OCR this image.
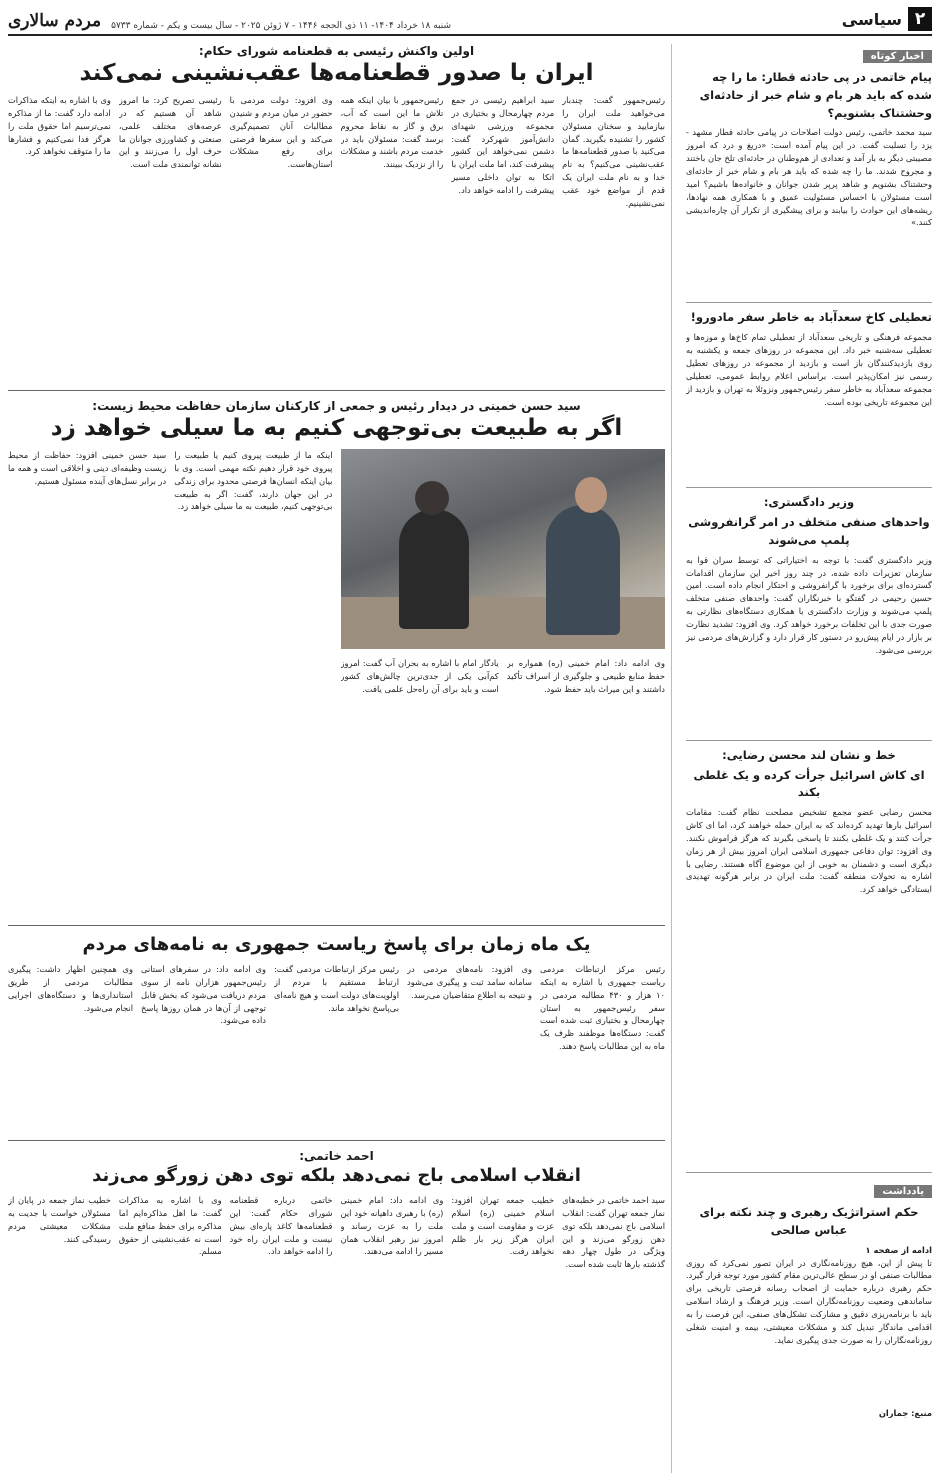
۲
سیاسی
شنبه ۱۸ خرداد ۱۴۰۴- ۱۱ ذی الحجه ۱۴۴۶ - ۷ ژوئن ۲۰۲۵ - سال بیست و یکم - شماره ۵۷۳۳
مردم سالاری
اخبار کوتاه
پیام خاتمی در پی حادثه قطار: ما را چه شده که باید هر بام و شام خبر از حادثه‌ای وحشتناک بشنویم؟
سید محمد خاتمی، رئیس دولت اصلاحات در پیامی حادثه قطار مشهد - یزد را تسلیت گفت. در این پیام آمده است: «دریغ و درد که امروز مصیبتی دیگر به بار آمد و تعدادی از هم‌وطنان در حادثه‌ای تلخ جان باختند و مجروح شدند. ما را چه شده که باید هر بام و شام خبر از حادثه‌ای وحشتناک بشنویم و شاهد پرپر شدن جوانان و خانواده‌ها باشیم؟ امید است مسئولان با احساس مسئولیت عمیق و با همکاری همه نهادها، ریشه‌های این حوادث را بیابند و برای پیشگیری از تکرار آن چاره‌اندیشی کنند.»
تعطیلی کاخ سعدآباد به خاطر سفر مادورو!
مجموعه فرهنگی و تاریخی سعدآباد از تعطیلی تمام کاخ‌ها و موزه‌ها و تعطیلی سه‌شنبه خبر داد. این مجموعه در روزهای جمعه و یکشنبه به روی بازدیدکنندگان باز است و بازدید از مجموعه در روزهای تعطیل رسمی نیز امکان‌پذیر است. براساس اعلام روابط عمومی، تعطیلی مجموعه سعدآباد به خاطر سفر رئیس‌جمهور ونزوئلا به تهران و بازدید از این مجموعه تاریخی بوده است.
وزیر دادگستری:
واحدهای صنفی متخلف در امر گرانفروشی پلمپ می‌شوند
وزیر دادگستری گفت: با توجه به اختیاراتی که توسط سران قوا به سازمان تعزیرات داده شده، در چند روز اخیر این سازمان اقدامات گسترده‌ای برای برخورد با گرانفروشی و احتکار انجام داده است. امین حسین رحیمی در گفتگو با خبرنگاران گفت: واحدهای صنفی متخلف پلمپ می‌شوند و وزارت دادگستری با همکاری دستگاه‌های نظارتی به صورت جدی با این تخلفات برخورد خواهد کرد. وی افزود: تشدید نظارت بر بازار در ایام پیش‌رو در دستور کار قرار دارد و گزارش‌های مردمی نیز بررسی می‌شود.
خط و نشان لند محسن رضایی:
ای کاش اسرائیل جرأت کرده و یک غلطی بکند
محسن رضایی عضو مجمع تشخیص مصلحت نظام گفت: مقامات اسرائیل بارها تهدید کرده‌اند که به ایران حمله خواهند کرد، اما ای کاش جرأت کنند و یک غلطی بکنند تا پاسخی بگیرند که هرگز فراموش نکنند. وی افزود: توان دفاعی جمهوری اسلامی ایران امروز بیش از هر زمان دیگری است و دشمنان به خوبی از این موضوع آگاه هستند. رضایی با اشاره به تحولات منطقه گفت: ملت ایران در برابر هرگونه تهدیدی ایستادگی خواهد کرد.
یادداشت
حکم استراتژیک رهبری و چند نکته برای عباس صالحی
ادامه از صفحه ۱
تا پیش از این، هیچ روزنامه‌نگاری در ایران تصور نمی‌کرد که روزی مطالبات صنفی او در سطح عالی‌ترین مقام کشور مورد توجه قرار گیرد. حکم رهبری درباره حمایت از اصحاب رسانه فرصتی تاریخی برای ساماندهی وضعیت روزنامه‌نگاران است. وزیر فرهنگ و ارشاد اسلامی باید با برنامه‌ریزی دقیق و مشارکت تشکل‌های صنفی، این فرصت را به اقدامی ماندگار تبدیل کند و مشکلات معیشتی، بیمه و امنیت شغلی روزنامه‌نگاران را به صورت جدی پیگیری نماید.
منبع: جماران
اولین واکنش رئیسی به قطعنامه شورای حکام:
ایران با صدور قطعنامه‌ها عقب‌نشینی نمی‌کند
رئیس‌جمهور گفت: چندبار می‌خواهید ملت ایران را بیازمایید و سخنان مسئولان کشور را تشنیده بگیرید. گمان می‌کنید با صدور قطعنامه‌ها ما عقب‌نشینی می‌کنیم؟ به نام خدا و به نام ملت ایران یک قدم از مواضع خود عقب نمی‌نشینیم.
سید ابراهیم رئیسی در جمع مردم چهارمحال و بختیاری در مجموعه ورزشی شهدای دانش‌آموز شهرکرد گفت: دشمن نمی‌خواهد این کشور پیشرفت کند، اما ملت ایران با اتکا به توان داخلی مسیر پیشرفت را ادامه خواهد داد.
رئیس‌جمهور با بیان اینکه همه تلاش ما این است که آب، برق و گاز به نقاط محروم برسد گفت: مسئولان باید در خدمت مردم باشند و مشکلات را از نزدیک ببینند.
وی افزود: دولت مردمی با حضور در میان مردم و شنیدن مطالبات آنان تصمیم‌گیری می‌کند و این سفرها فرصتی برای رفع مشکلات استان‌هاست.
رئیسی تصریح کرد: ما امروز شاهد آن هستیم که در عرصه‌های مختلف علمی، صنعتی و کشاورزی جوانان ما حرف اول را می‌زنند و این نشانه توانمندی ملت است.
وی با اشاره به اینکه مذاکرات ادامه دارد گفت: ما از مذاکره نمی‌ترسیم اما حقوق ملت را هرگز فدا نمی‌کنیم و فشارها ما را متوقف نخواهد کرد.
سید حسن خمینی در دیدار رئیس و جمعی از کارکنان سازمان حفاظت محیط زیست:
اگر به طبیعت بی‌توجهی کنیم به ما سیلی خواهد زد
وی ادامه داد: امام خمینی (ره) همواره بر حفظ منابع طبیعی و جلوگیری از اسراف تأکید داشتند و این میراث باید حفظ شود.
یادگار امام با اشاره به بحران آب گفت: امروز کم‌آبی یکی از جدی‌ترین چالش‌های کشور است و باید برای آن راه‌حل علمی یافت.
اینکه ما از طبیعت پیروی کنیم یا طبیعت را پیروی خود قرار دهیم نکته مهمی است. وی با بیان اینکه انسان‌ها فرصتی محدود برای زندگی در این جهان دارند، گفت: اگر به طبیعت بی‌توجهی کنیم، طبیعت به ما سیلی خواهد زد.
سید حسن خمینی افزود: حفاظت از محیط زیست وظیفه‌ای دینی و اخلاقی است و همه ما در برابر نسل‌های آینده مسئول هستیم.
یک ماه زمان برای پاسخ ریاست جمهوری به نامه‌های مردم
رئیس مرکز ارتباطات مردمی ریاست جمهوری با اشاره به اینکه ۱۰ هزار و ۴۳۰ مطالبه مردمی در سفر رئیس‌جمهور به استان چهارمحال و بختیاری ثبت شده است گفت: دستگاه‌ها موظفند ظرف یک ماه به این مطالبات پاسخ دهند.
وی افزود: نامه‌های مردمی در سامانه سامد ثبت و پیگیری می‌شود و نتیجه به اطلاع متقاضیان می‌رسد.
رئیس مرکز ارتباطات مردمی گفت: ارتباط مستقیم با مردم از اولویت‌های دولت است و هیچ نامه‌ای بی‌پاسخ نخواهد ماند.
وی ادامه داد: در سفرهای استانی رئیس‌جمهور هزاران نامه از سوی مردم دریافت می‌شود که بخش قابل توجهی از آن‌ها در همان روزها پاسخ داده می‌شود.
وی همچنین اظهار داشت: پیگیری مطالبات مردمی از طریق استانداری‌ها و دستگاه‌های اجرایی انجام می‌شود.
احمد خاتمی:
انقلاب اسلامی باج نمی‌دهد بلکه توی دهن زورگو می‌زند
سید احمد خاتمی در خطبه‌های نماز جمعه تهران گفت: انقلاب اسلامی باج نمی‌دهد بلکه توی دهن زورگو می‌زند و این ویژگی در طول چهار دهه گذشته بارها ثابت شده است.
خطیب جمعه تهران افزود: اسلام خمینی (ره) اسلام عزت و مقاومت است و ملت ایران هرگز زیر بار ظلم نخواهد رفت.
وی ادامه داد: امام خمینی (ره) با رهبری داهیانه خود این ملت را به عزت رساند و امروز نیز رهبر انقلاب همان مسیر را ادامه می‌دهند.
خاتمی درباره قطعنامه شورای حکام گفت: این قطعنامه‌ها کاغذ پاره‌ای بیش نیست و ملت ایران راه خود را ادامه خواهد داد.
وی با اشاره به مذاکرات گفت: ما اهل مذاکره‌ایم اما مذاکره برای حفظ منافع ملت است نه عقب‌نشینی از حقوق مسلم.
خطیب نماز جمعه در پایان از مسئولان خواست با جدیت به مشکلات معیشتی مردم رسیدگی کنند.
